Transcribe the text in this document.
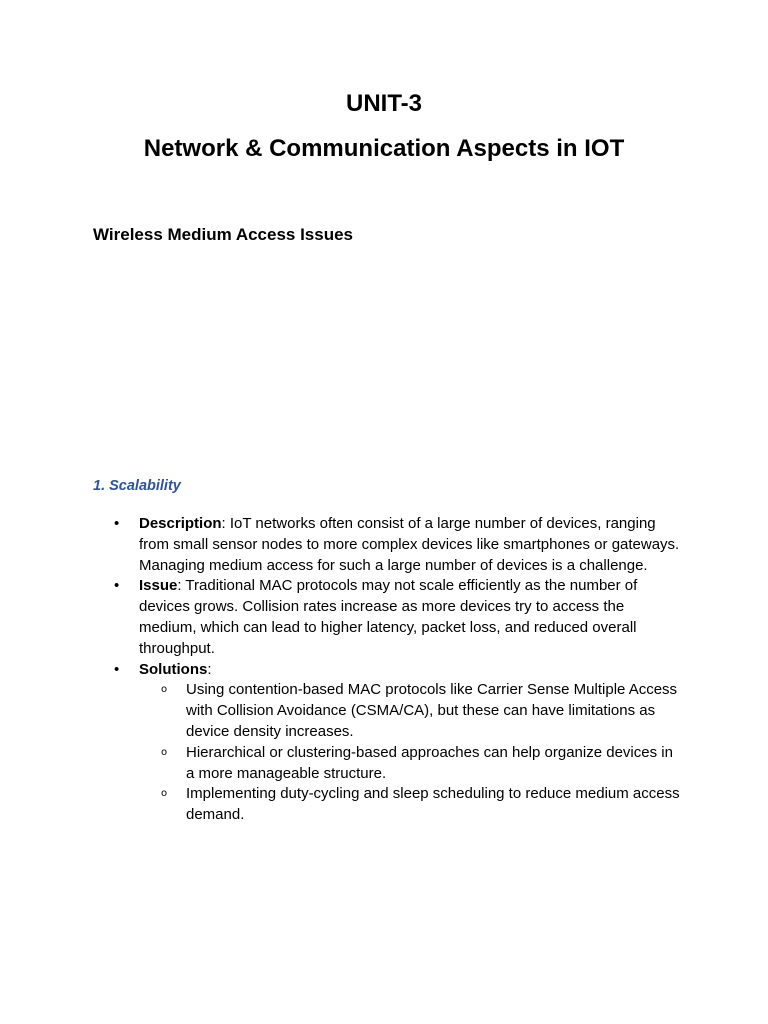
UNIT-3
Network & Communication Aspects in IOT
Wireless Medium Access Issues
1. Scalability
• Description: IoT networks often consist of a large number of devices, ranging from small sensor nodes to more complex devices like smartphones or gateways. Managing medium access for such a large number of devices is a challenge.
• Issue: Traditional MAC protocols may not scale efficiently as the number of devices grows. Collision rates increase as more devices try to access the medium, which can lead to higher latency, packet loss, and reduced overall throughput.
• Solutions:
o Using contention-based MAC protocols like Carrier Sense Multiple Access with Collision Avoidance (CSMA/CA), but these can have limitations as device density increases.
o Hierarchical or clustering-based approaches can help organize devices in a more manageable structure.
o Implementing duty-cycling and sleep scheduling to reduce medium access demand.
